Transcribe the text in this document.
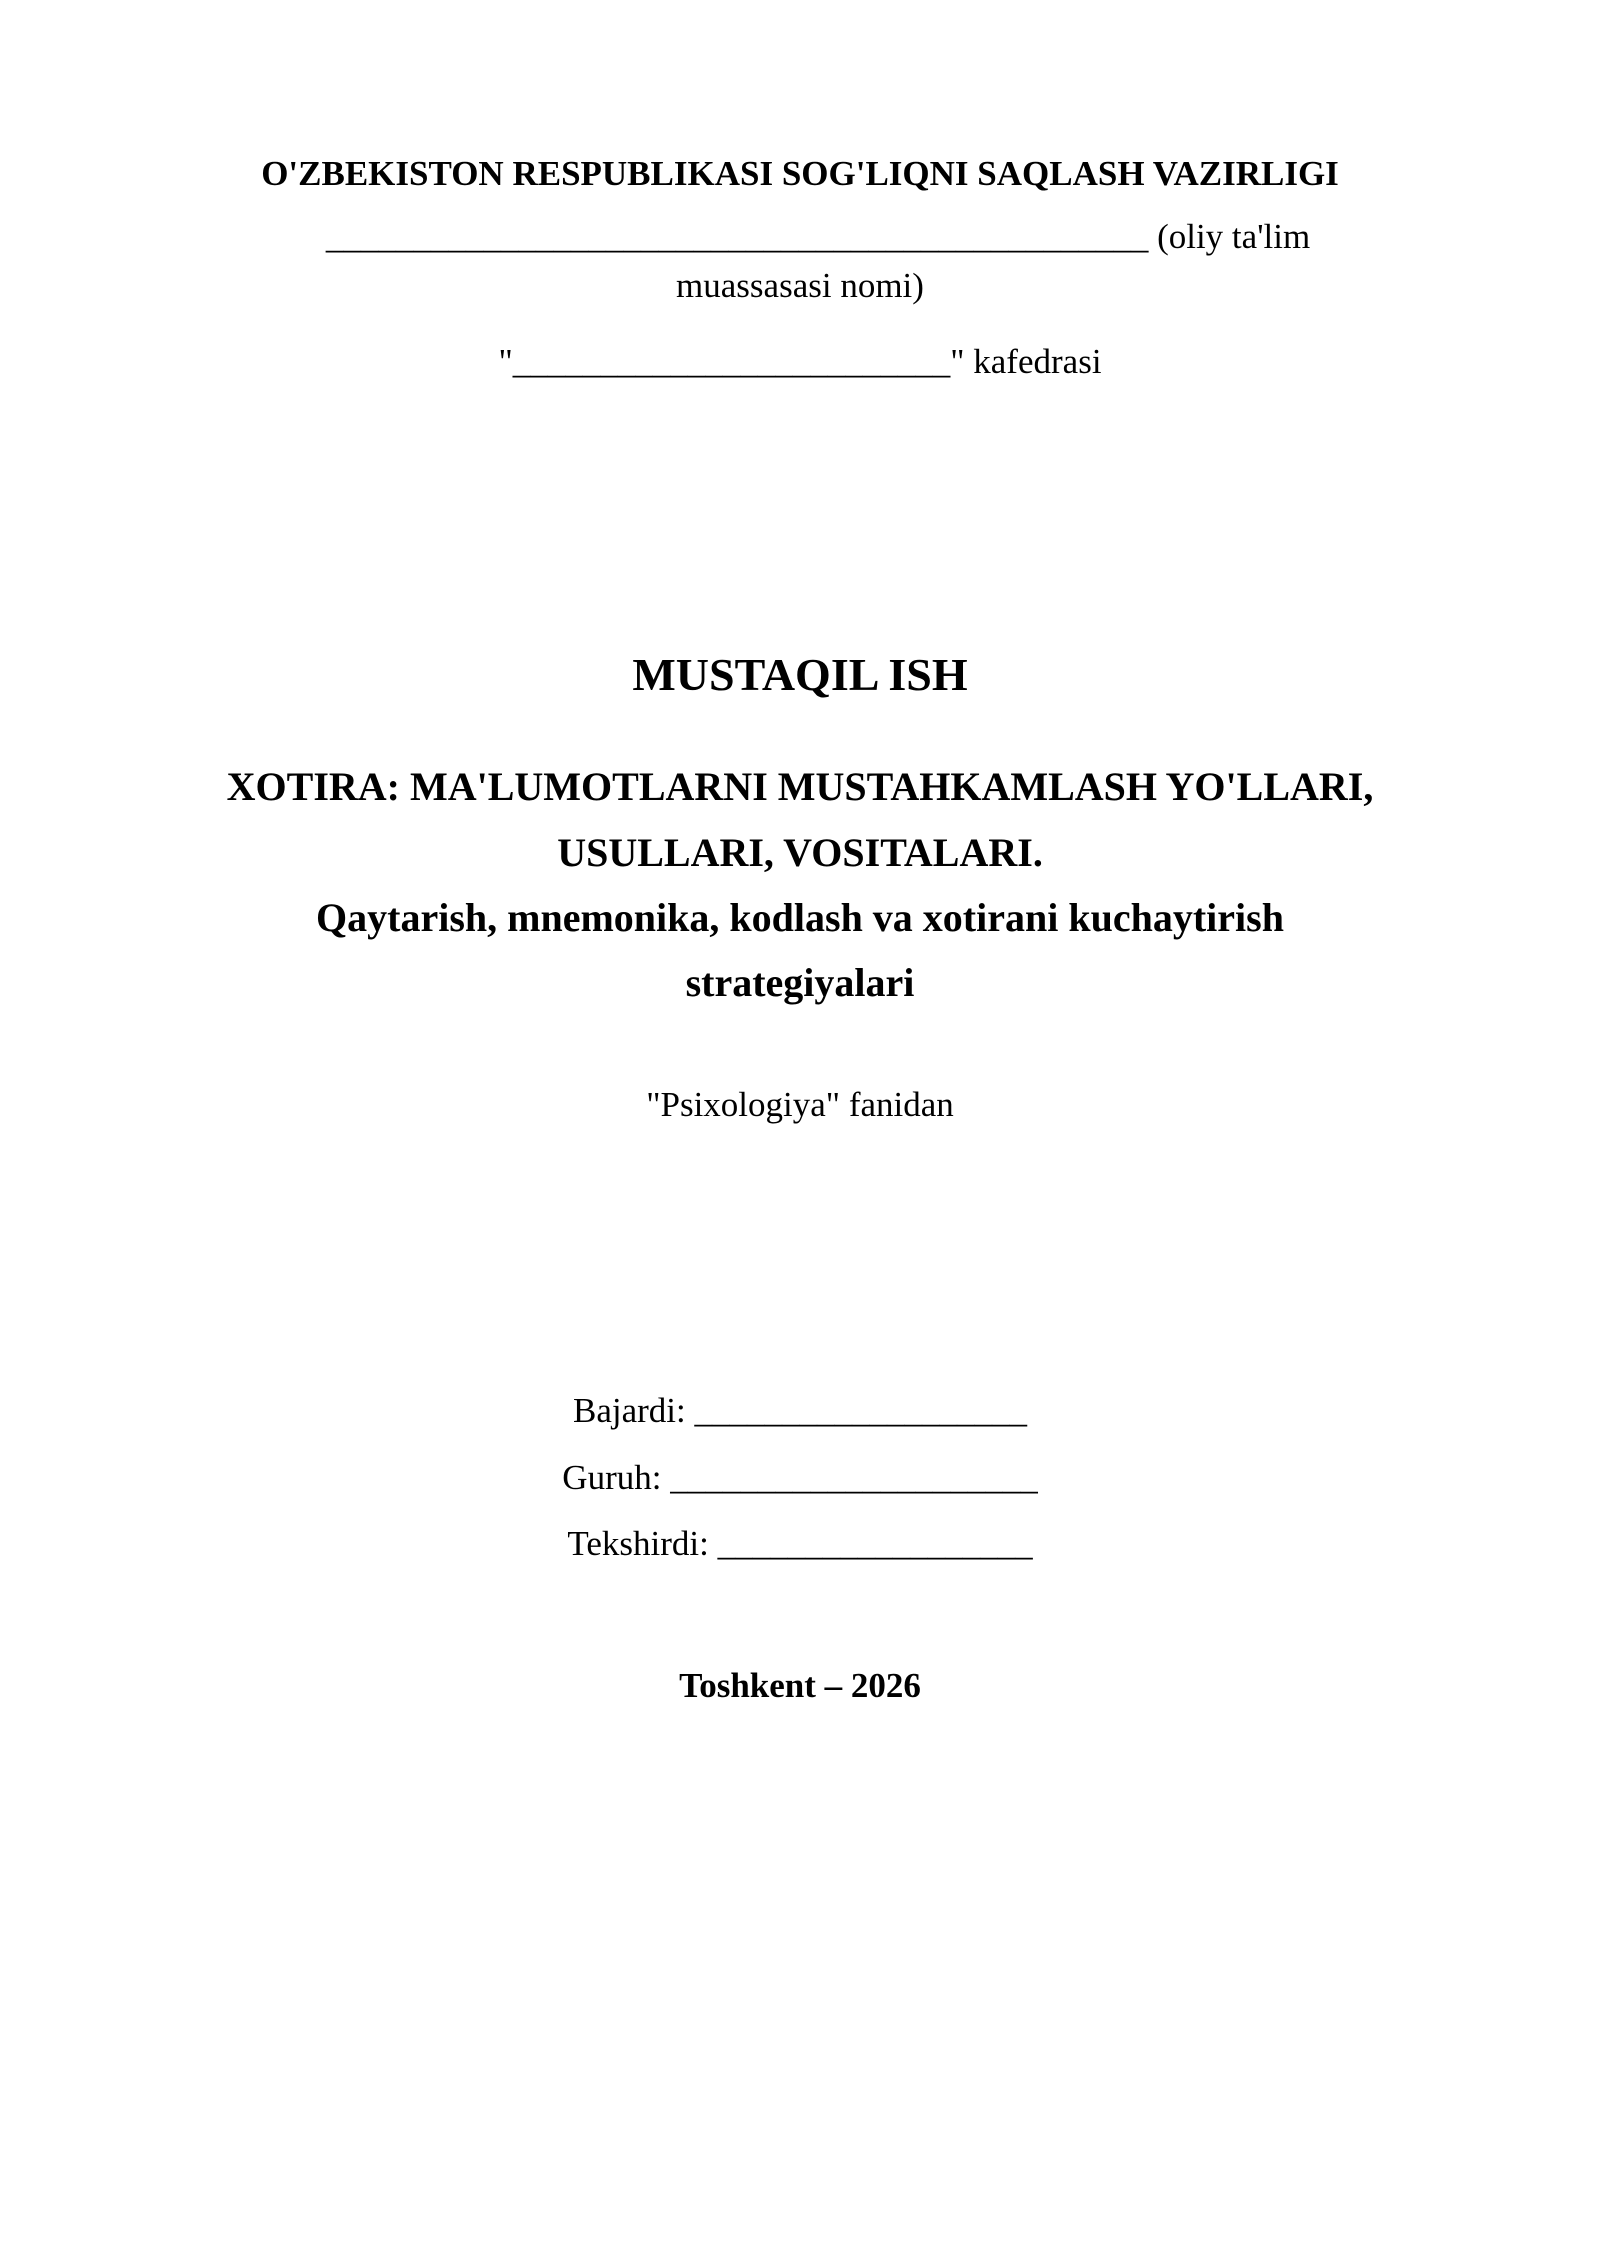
O'ZBEKISTON RESPUBLIKASI SOG'LIQNI SAQLASH VAZIRLIGI
_______________________________________________ (oliy ta'lim
muassasasi nomi)
"_________________________" kafedrasi
MUSTAQIL ISH
XOTIRA: MA'LUMOTLARNI MUSTAHKAMLASH YO'LLARI,
USULLARI, VOSITALARI.
Qaytarish, mnemonika, kodlash va xotirani kuchaytirish
strategiyalari
"Psixologiya" fanidan
Bajardi: ___________________
Guruh: _____________________
Tekshirdi: __________________
Toshkent – 2026
